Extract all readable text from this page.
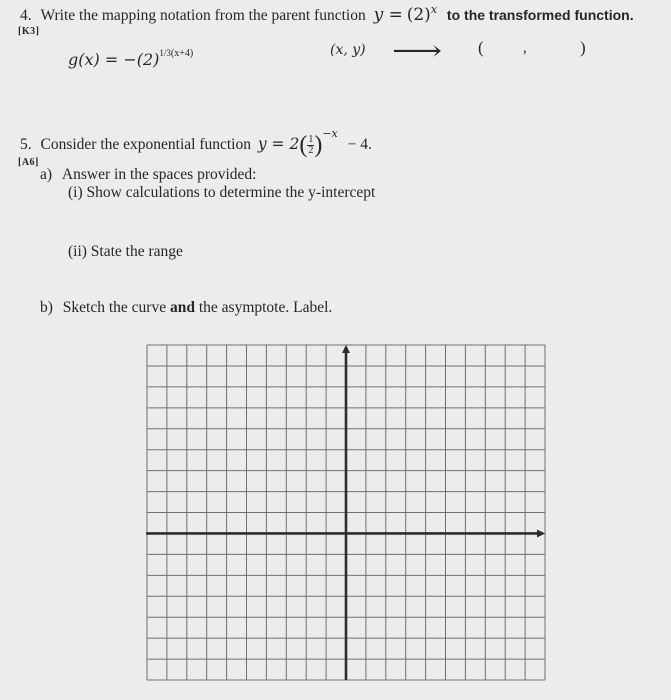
4. Write the mapping notation from the parent function $y = (2)^x$ to the transformed function.
[K3]
$g(x) = -(2)^{1/3(x+4)}$	(x, y) ⟶ (	,	)
5. Consider the exponential function $y = 2( \frac{1}{2} )^{-x} - 4$.
[A6]
a) Answer in the spaces provided:
(i) Show calculations to determine the y-intercept
(ii) State the range
b) Sketch the curve and the asymptote. Label.
